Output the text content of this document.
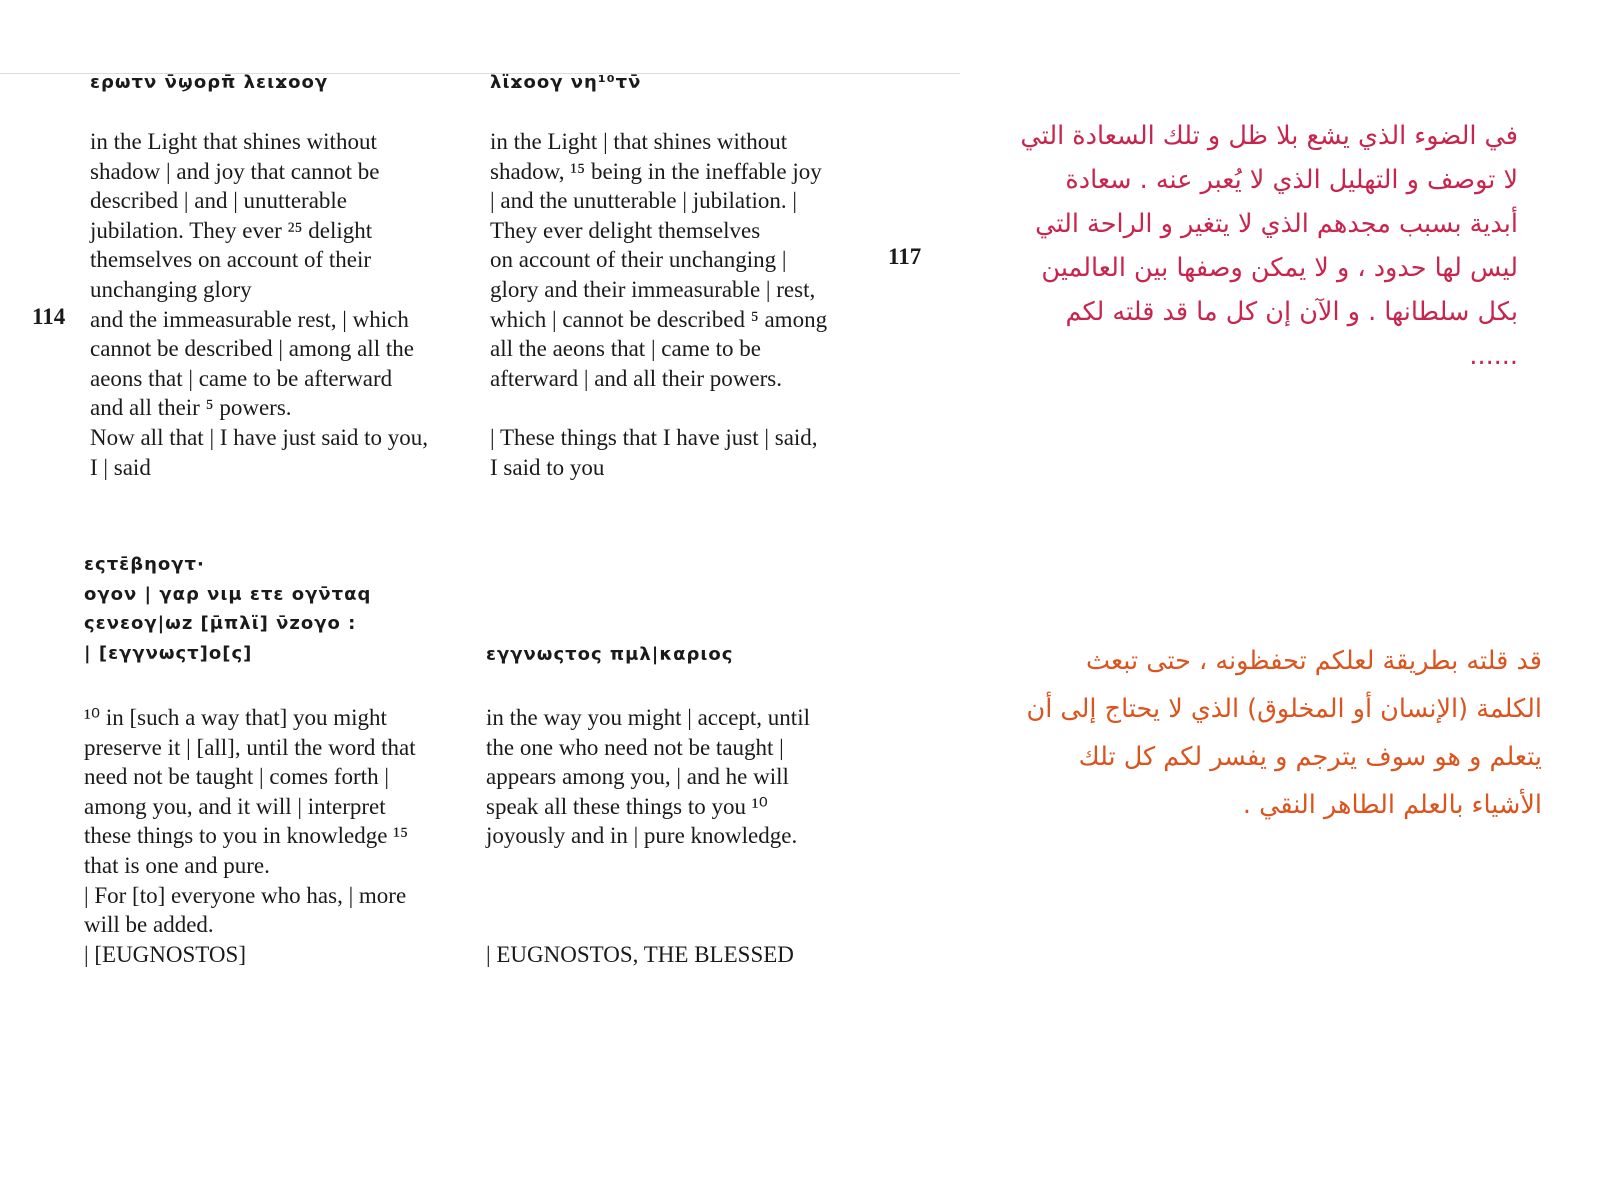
ερωτν ν̄ϣορπ̄ λειϫοογ	λϊϫοογ νη¹⁰τν̄
114
117
in the Light that shines without
shadow | and joy that cannot be
described | and | unutterable
jubilation. They ever ²⁵ delight
themselves on account of their
unchanging glory
and the immeasurable rest, | which
cannot be described | among all the
aeons that | came to be afterward
and all their ⁵ powers.
Now all that | I have just said to you,
I | said
in the Light | that shines without
shadow, ¹⁵ being in the ineffable joy
| and the unutterable | jubilation. |
They ever delight themselves
on account of their unchanging |
glory and their immeasurable | rest,
which | cannot be described ⁵ among
all the aeons that | came to be
afterward | and all their powers.
| These things that I have just | said,
I said to you
εςτε̄βηογτ·
ογον | γαρ νιμ ετε ογν̄ταq
ςενεογ|ωz [μ̄πλϊ] ν̄zογο :
| [εγγνωςτ]ο[ς]	εγγνωςτος πμλ|καριος
¹⁰ in [such a way that] you might
preserve it | [all], until the word that
need not be taught | comes forth |
among you, and it will | interpret
these things to you in knowledge ¹⁵
that is one and pure.
| For [to] everyone who has, | more
will be added.
| [EUGNOSTOS]
in the way you might | accept, until
the one who need not be taught |
appears among you, | and he will
speak all these things to you ¹⁰
joyously and in | pure knowledge.
| EUGNOSTOS, THE BLESSED
في الضوء الذي يشع بلا ظل و تلك السعادة التي
لا توصف و التهليل الذي لا يُعبر عنه . سعادة
أبدية بسبب مجدهم الذي لا يتغير و الراحة التي
ليس لها حدود ، و لا يمكن وصفها بين العالمين
بكل سلطانها . و الآن إن كل ما قد قلته لكم
......
قد قلته بطريقة لعلكم تحفظونه ، حتى تبعث
الكلمة (الإنسان أو المخلوق) الذي لا يحتاج إلى أن
يتعلم و هو سوف يترجم و يفسر لكم كل تلك
الأشياء بالعلم الطاهر النقي .
